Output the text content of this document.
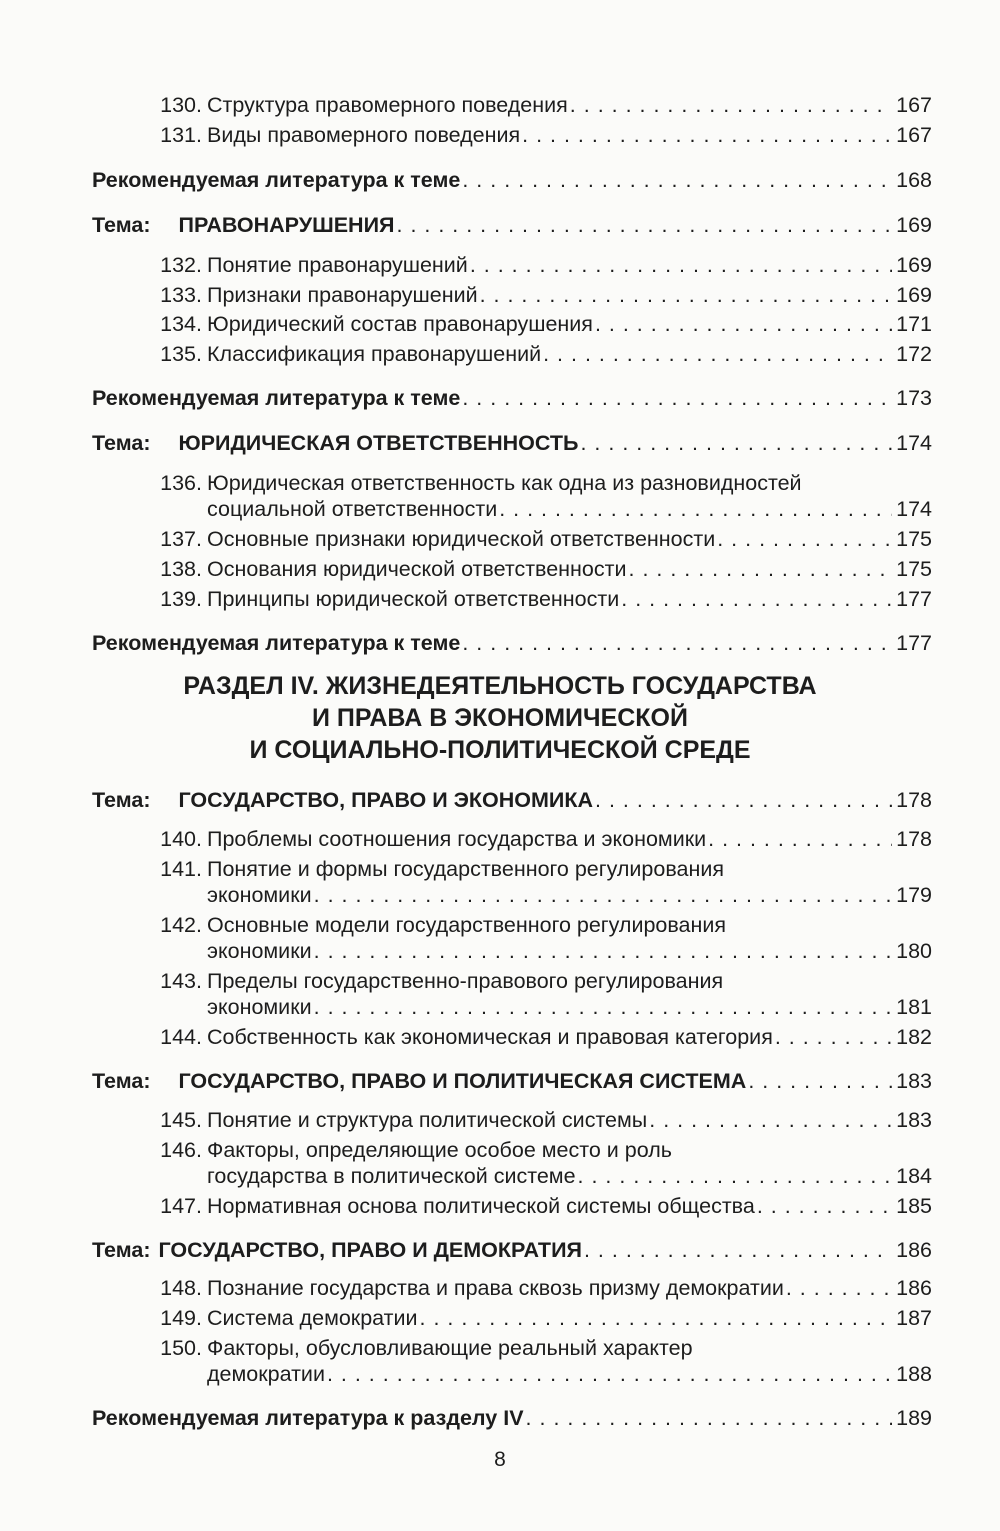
130. Структура правомерного поведения . . .	167
131. Виды правомерного поведения . . .	167
Рекомендуемая литература к теме . . .	168
Тема: ПРАВОНАРУШЕНИЯ . . .	169
132. Понятие правонарушений . . .	169
133. Признаки правонарушений . . .	169
134. Юридический состав правонарушения . . .	171
135. Классификация правонарушений . . .	172
Рекомендуемая литература к теме . . .	173
Тема: ЮРИДИЧЕСКАЯ ОТВЕТСТВЕННОСТЬ . . .	174
136. Юридическая ответственность как одна из разновидностей
социальной ответственности . . .	174
137. Основные признаки юридической ответственности . . .	175
138. Основания юридической ответственности . . .	175
139. Принципы юридической ответственности . . .	177
Рекомендуемая литература к теме . . .	177
РАЗДЕЛ IV. ЖИЗНЕДЕЯТЕЛЬНОСТЬ ГОСУДАРСТВА
И ПРАВА В ЭКОНОМИЧЕСКОЙ
И СОЦИАЛЬНО-ПОЛИТИЧЕСКОЙ СРЕДЕ
Тема: ГОСУДАРСТВО, ПРАВО И ЭКОНОМИКА . . .	178
140. Проблемы соотношения государства и экономики . . .	178
141. Понятие и формы государственного регулирования
экономики . . .	179
142. Основные модели государственного регулирования
экономики . . .	180
143. Пределы государственно-правового регулирования
экономики . . .	181
144. Собственность как экономическая и правовая категория . . .	182
Тема: ГОСУДАРСТВО, ПРАВО И ПОЛИТИЧЕСКАЯ СИСТЕМА . . .	183
145. Понятие и структура политической системы . . .	183
146. Факторы, определяющие особое место и роль
государства в политической системе . . .	184
147. Нормативная основа политической системы общества . . .	185
Тема: ГОСУДАРСТВО, ПРАВО И ДЕМОКРАТИЯ . . .	186
148. Познание государства и права сквозь призму демократии . . .	186
149. Система демократии . . .	187
150. Факторы, обусловливающие реальный характер
демократии . . .	188
Рекомендуемая литература к разделу IV . . .	189
8
